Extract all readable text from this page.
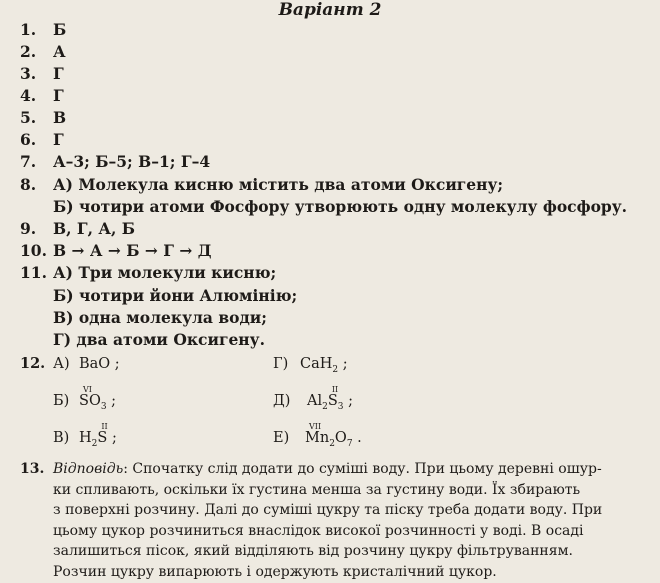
Варіант 2
1. Б
2. А
3. Г
4. Г
5. В
6. Г
7. А–3; Б–5; В–1; Г–4
8. А) Молекула кисню містить два атоми Оксигену;
Б) чотири атоми Фосфору утворюють одну молекулу фосфору.
9. В, Г, А, Б
10. В → А → Б → Г → Д
11. А) Три молекули кисню;
Б) чотири йони Алюмінію;
В) одна молекула води;
Г) два атоми Оксигену.
12. А) BaO ;
Б)
VI
$SO_3$ ;
В) $H_2$
II
S ;
Г) CaH$_2$ ;
Д) $Al_2$
II
$S_3$ ;
Е)
VII
$Mn_2O_7$ .
13. Відповідь: Спочатку слід додати до суміші воду. При цьому деревні ошур-
ки спливають, оскільки їх густина менша за густину води. Їх збирають
з поверхні розчину. Далі до суміші цукру та піску треба додати воду. При
цьому цукор розчиниться внаслідок високої розчинності у воді. В осаді
залишиться пісок, який відділяють від розчину цукру фільтруванням.
Розчин цукру випарюють і одержують кристалічний цукор.
